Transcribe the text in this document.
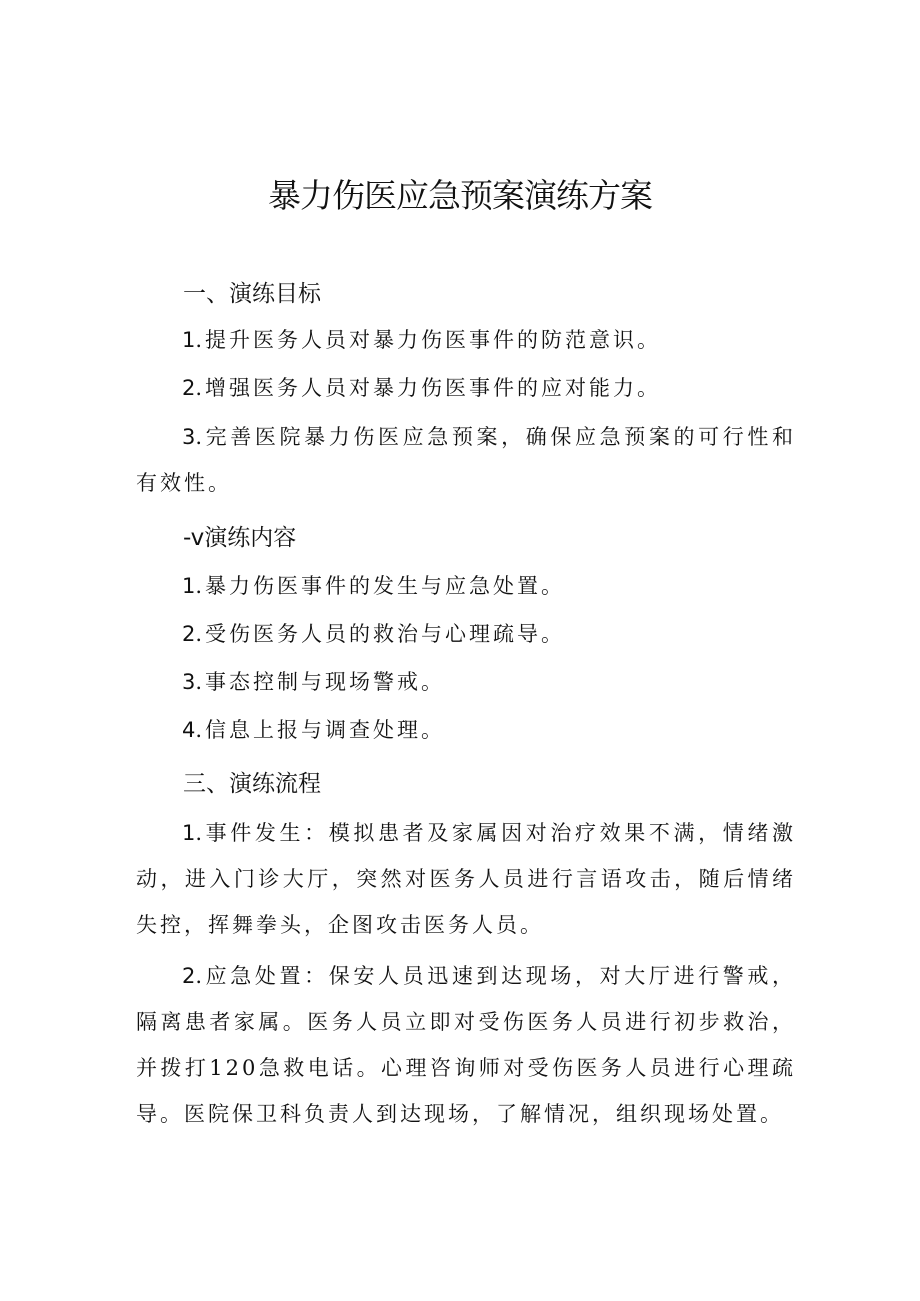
暴力伤医应急预案演练方案
一、演练目标

1.提升医务人员对暴力伤医事件的防范意识。

2.增强医务人员对暴力伤医事件的应对能力。

3.完善医院暴力伤医应急预案，确保应急预案的可行性和有效性。

-v演练内容

1.暴力伤医事件的发生与应急处置。

2.受伤医务人员的救治与心理疏导。

3.事态控制与现场警戒。

4.信息上报与调查处理。

三、演练流程

1.事件发生：模拟患者及家属因对治疗效果不满，情绪激动，进入门诊大厅，突然对医务人员进行言语攻击，随后情绪失控，挥舞拳头，企图攻击医务人员。

2.应急处置：保安人员迅速到达现场，对大厅进行警戒，隔离患者家属。医务人员立即对受伤医务人员进行初步救治，并拨打120急救电话。心理咨询师对受伤医务人员进行心理疏导。医院保卫科负责人到达现场，了解情况，组织现场处置。
